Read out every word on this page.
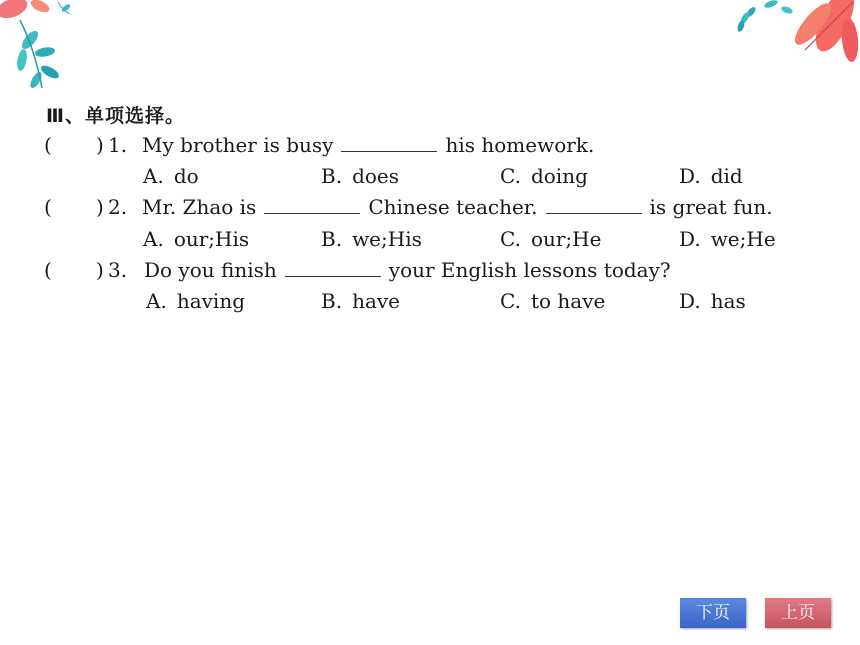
Ⅲ、单项选择。
( ) 1. My brother is busy	his homework.
A. do	B. does	C. doing	D. did
( ) 2. Mr. Zhao is	Chinese teacher.	is great fun.
A. our;His	B. we;His	C. our;He	D. we;He
( ) 3. Do you finish	your English lessons today?
A. having	B. have	C. to have	D. has
下页	上页
